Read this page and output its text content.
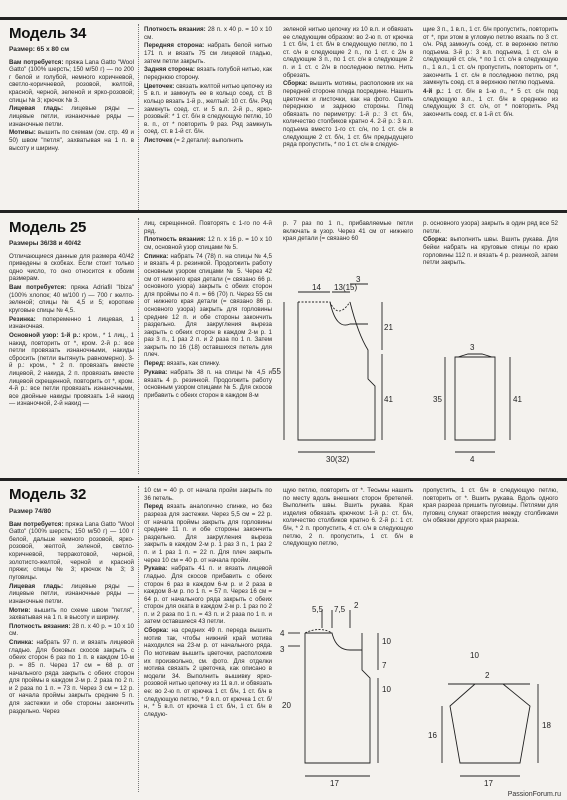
Модель 34
Размер: 65 x 80 см

Вам потребуется: пряжа Lana Gatto "Wool Gatto" (100% шерсть; 150 м/50 г) — по 200 г белой и голубой, немного коричневой, светло-коричневой, розовой, желтой, красной, черной, зеленой и ярко-розовой; спицы № 3; крючок № 3.

Лицевая гладь: лицевые ряды — лицевые петли, изнаночные ряды — изнаночные петли.

Мотивы: вышить по схемам (см. стр. 49 и 50) швом "петля", захватывая на 1 п. в высоту и ширину.

Плотность вязания: 28 п. x 40 р. = 10 x 10 см.

Передняя сторона: набрать белой нитью 171 п. и вязать 75 см лицевой гладью, затем петли закрыть.

Задняя сторона: вязать голубой нитью, как переднюю сторону.

Цветочек: связать желтой нитью цепочку из 5 в.п. и замкнуть ее в кольцо соед. ст. В кольцо вязать 1-й р., желтый: 10 ст. б/н. Ряд замкнуть соед. ст. и 5 в.п. 2-й р., ярко-розовый: * 1 ст. б/н в следующую петлю, 10 в. п., от * повторить 9 раз. Ряд замкнуть соед. ст. в 1-й ст. б/н.

Листочек (= 2 детали): выполнить

зеленой нитью цепочку из 10 в.п. и обвязать ее следующим образом: во 2-ю п. от крючка 1 ст. б/н, 1 ст. б/н в следующую петлю, по 1 ст. с/н в следующие 2 п., по 1 ст. с 2/н в следующие 3 п., по 1 ст. с/н в следующие 2 п. и 1 ст. с 2/н в последнюю петлю. Нить обрезать.

Сборка: вышить мотивы, расположив их на передней стороне пледа посредине. Нашить цветочек и листочки, как на фото. Сшить переднюю и заднюю стороны. Плед обвязать по периметру: 1-й р.: 3 ст. б/н, количество столбиков кратно 4. 2-й р.: 3 в.п. подъема вместо 1-го ст. с/н, по 1 ст. с/н в следующие 2 ст. б/н, 1 ст. б/н предыдущего ряда пропустить, * по 1 ст. с/н в следую-

щие 3 п., 1 в.п., 1 ст. б/н пропустить, повторить от *, при этом в угловую петлю вязать по 3 ст. с/н. Ряд замкнуть соед. ст. в верхнюю петлю подъема. 3-й р.: 3 в.п. подъема, 1 ст. с/н в следующий ст. с/н, * по 1 ст. с/н в следующую п., 1 в.п., 1 ст. с/н пропустить, повторить от *, закончить 1 ст. с/н в последнюю петлю, ряд замкнуть соед. ст. в верхнюю петлю подъема.

4-й р.: 1 ст. б/н в 1-ю п., * 5 ст. с/н под следующую в.п., 1 ст. б/н в среднюю из следующих 3 ст. с/н, от * повторить. Ряд закончить соед. ст. в 1-й ст. б/н.

Модель 25
Размеры 36/38 и 40/42

Отличающиеся данные для размера 40/42 приведены в скобках. Если стоит только одно число, то оно относится к обоим размерам.

Вам потребуется: пряжа Adriafil "Ibiza" (100% хлопок; 40 м/100 г) — 700 г желто-зеленой; спицы № 4,5 и 5; короткие круговые спицы № 4,5.

Резинка: попеременно 1 лицевая, 1 изнаночная.

Основной узор: 1-й р.: кром., * 1 лиц., 1 накид, повторить от *, кром. 2-й р.: все петли провязать изнаночными, накиды сбросить (петли вытянуть равномерно). 3-й р.: кром., * 2 п. провязать вместе лицевой, 2 накида, 2 п. провязать вместе лицевой скрещенной, повторить от *, кром. 4-й р.: все петли провязать изнаночными, все двойные накиды провязать 1-й накид — изнаночной, 2-й накид —

лиц. скрещенной. Повторять с 1-го по 4-й ряд.

Плотность вязания: 12 п. x 16 р. = 10 x 10 см, основной узор спицами № 5.

Спинка: набрать 74 (78) п. на спицы № 4,5 и вязать 4 р. резинкой. Продолжить работу основным узором спицами № 5. Через 42 см от нижнего края детали (= связано 66 р. основного узора) закрыть с обеих сторон для проймы по 4 п. = 66 (70) п. Через 55 см от нижнего края детали (= связано 86 р. основного узора) закрыть для горловины средние 12 п. и обе стороны закончить раздельно. Для закругления выреза закрыть с обеих сторон в каждом 2-м р. 1 раз 3 п., 1 раз 2 п. и 2 раза по 1 п. Затем закрыть по 16 (18) оставшихся петель для плеч.

Перед: вязать, как спинку.

Рукава: набрать 38 п. на спицы № 4,5 и вязать 4 р. резинкой. Продолжить работу основным узором спицами № 5. Для скосов прибавить с обеих сторон в каждом 8-м

р. 7 раз по 1 п., прибавляемые петли включать в узор. Через 41 см от нижнего края детали (= связано 60

р. основного узора) закрыть в один ряд все 52 петли.

Сборка: выполнить швы. Вшить рукава. Для бейки набрать на круговые спицы по краю горловины 112 п. и вязать 4 р. резинкой, затем петли закрыть.

14 13(15)
3
21
55
41
30(32)
3
35	41
4
Модель 32
Размер 74/80

Вам потребуется: пряжа Lana Gatto "Wool Gatto" (100% шерсть; 150 м/50 г) — 100 г белой, дальше немного розовой, ярко-розовой, желтой, зеленой, светло-коричневой, терракотовой, черной, золотисто-желтой, черной и красной пряжи; спицы № 3; крючок № 3; 3 пуговицы.

Лицевая гладь: лицевые ряды — лицевые петли, изнаночные ряды — изнаночные петли.

Мотив: вышить по схеме швом "петля", захватывая на 1 п. в высоту и ширину.

Плотность вязания: 28 п. x 40 р. = 10 x 10 см.

Спинка: набрать 97 п. и вязать лицевой гладью. Для боковых скосов закрыть с обеих сторон 6 раз по 1 п. в каждом 10-м р. = 85 п. Через 17 см = 68 р. от начального ряда закрыть с обеих сторон для проймы в каждом 2-м р. 2 раза по 2 п. и 2 раза по 1 п. = 73 п. Через 3 см = 12 р. от начала проймы закрыть средние 5 п. для застежки и обе стороны закончить раздельно. Через

10 см = 40 р. от начала пройм закрыть по 36 петель.

Перед вязать аналогично спинке, но без разреза для застежки. Через 5,5 см = 22 р. от начала проймы закрыть для горловины средние 11 п. и обе стороны закончить раздельно. Для закругления выреза закрыть в каждом 2-м р. 1 раз 3 п., 1 раз 2 п. и 1 раз 1 п. = 22 п. Для плеч закрыть через 10 см = 40 р. от начала пройм.

Рукава: набрать 41 п. и вязать лицевой гладью. Для скосов прибавить с обеих сторон 6 раз в каждом 6-м р. и 2 раза в каждом 8-м р. по 1 п. = 57 п. Через 16 см = 64 р. от начального ряда закрыть с обеих сторон для оката в каждом 2-м р. 1 раз по 2 п. и 2 раза по 1 п. = 43 п. и 2 раза по 1 п. и затем оставшиеся 43 петли.

Сборка: на средних 49 п. переда вышить мотив так, чтобы нижний край мотива находился на 23-м р. от начального ряда. По мотивам вышить цветочки, расположив их произвольно, см. фото. Для отделки мотива связать 2 цветочка, как описано в модели 34. Выполнить вышивку ярко-розовой нитью цепочку из 11 в.п. и обвязать ее: во 2-ю п. от крючка 1 ст. б/н, 1 ст. б/н в следующую петлю, * 9 в.п. от крючка 1 ст. б/н, * 5 в.п. от крючка 1 ст. б/н, 1 ст. б/н в следую-

щую петлю, повторить от *. Тесьмы нашить по месту вдоль внешних сторон бретелей. Выполнить швы. Вшить рукава. Края изделия обвязать крючком: 1-й р.: ст. б/н, количество столбиков кратно 6. 2-й р.: 1 ст. б/н, * 2 п. пропустить, 4 ст. с/н в следующую петлю, 2 п. пропустить, 1 ст. б/н в следующую петлю,

пропустить, 1 ст. б/н в следующую петлю, повторить от *. Вшить рукава. Вдоль одного края разреза пришить пуговицы. Петлями для пуговиц служат отверстия между столбиками с/н обвязки другого края разреза.

5,5 7,5 2
4
3
10
7
10
20
17
2
10
16
18
17
PassionForum.ru
